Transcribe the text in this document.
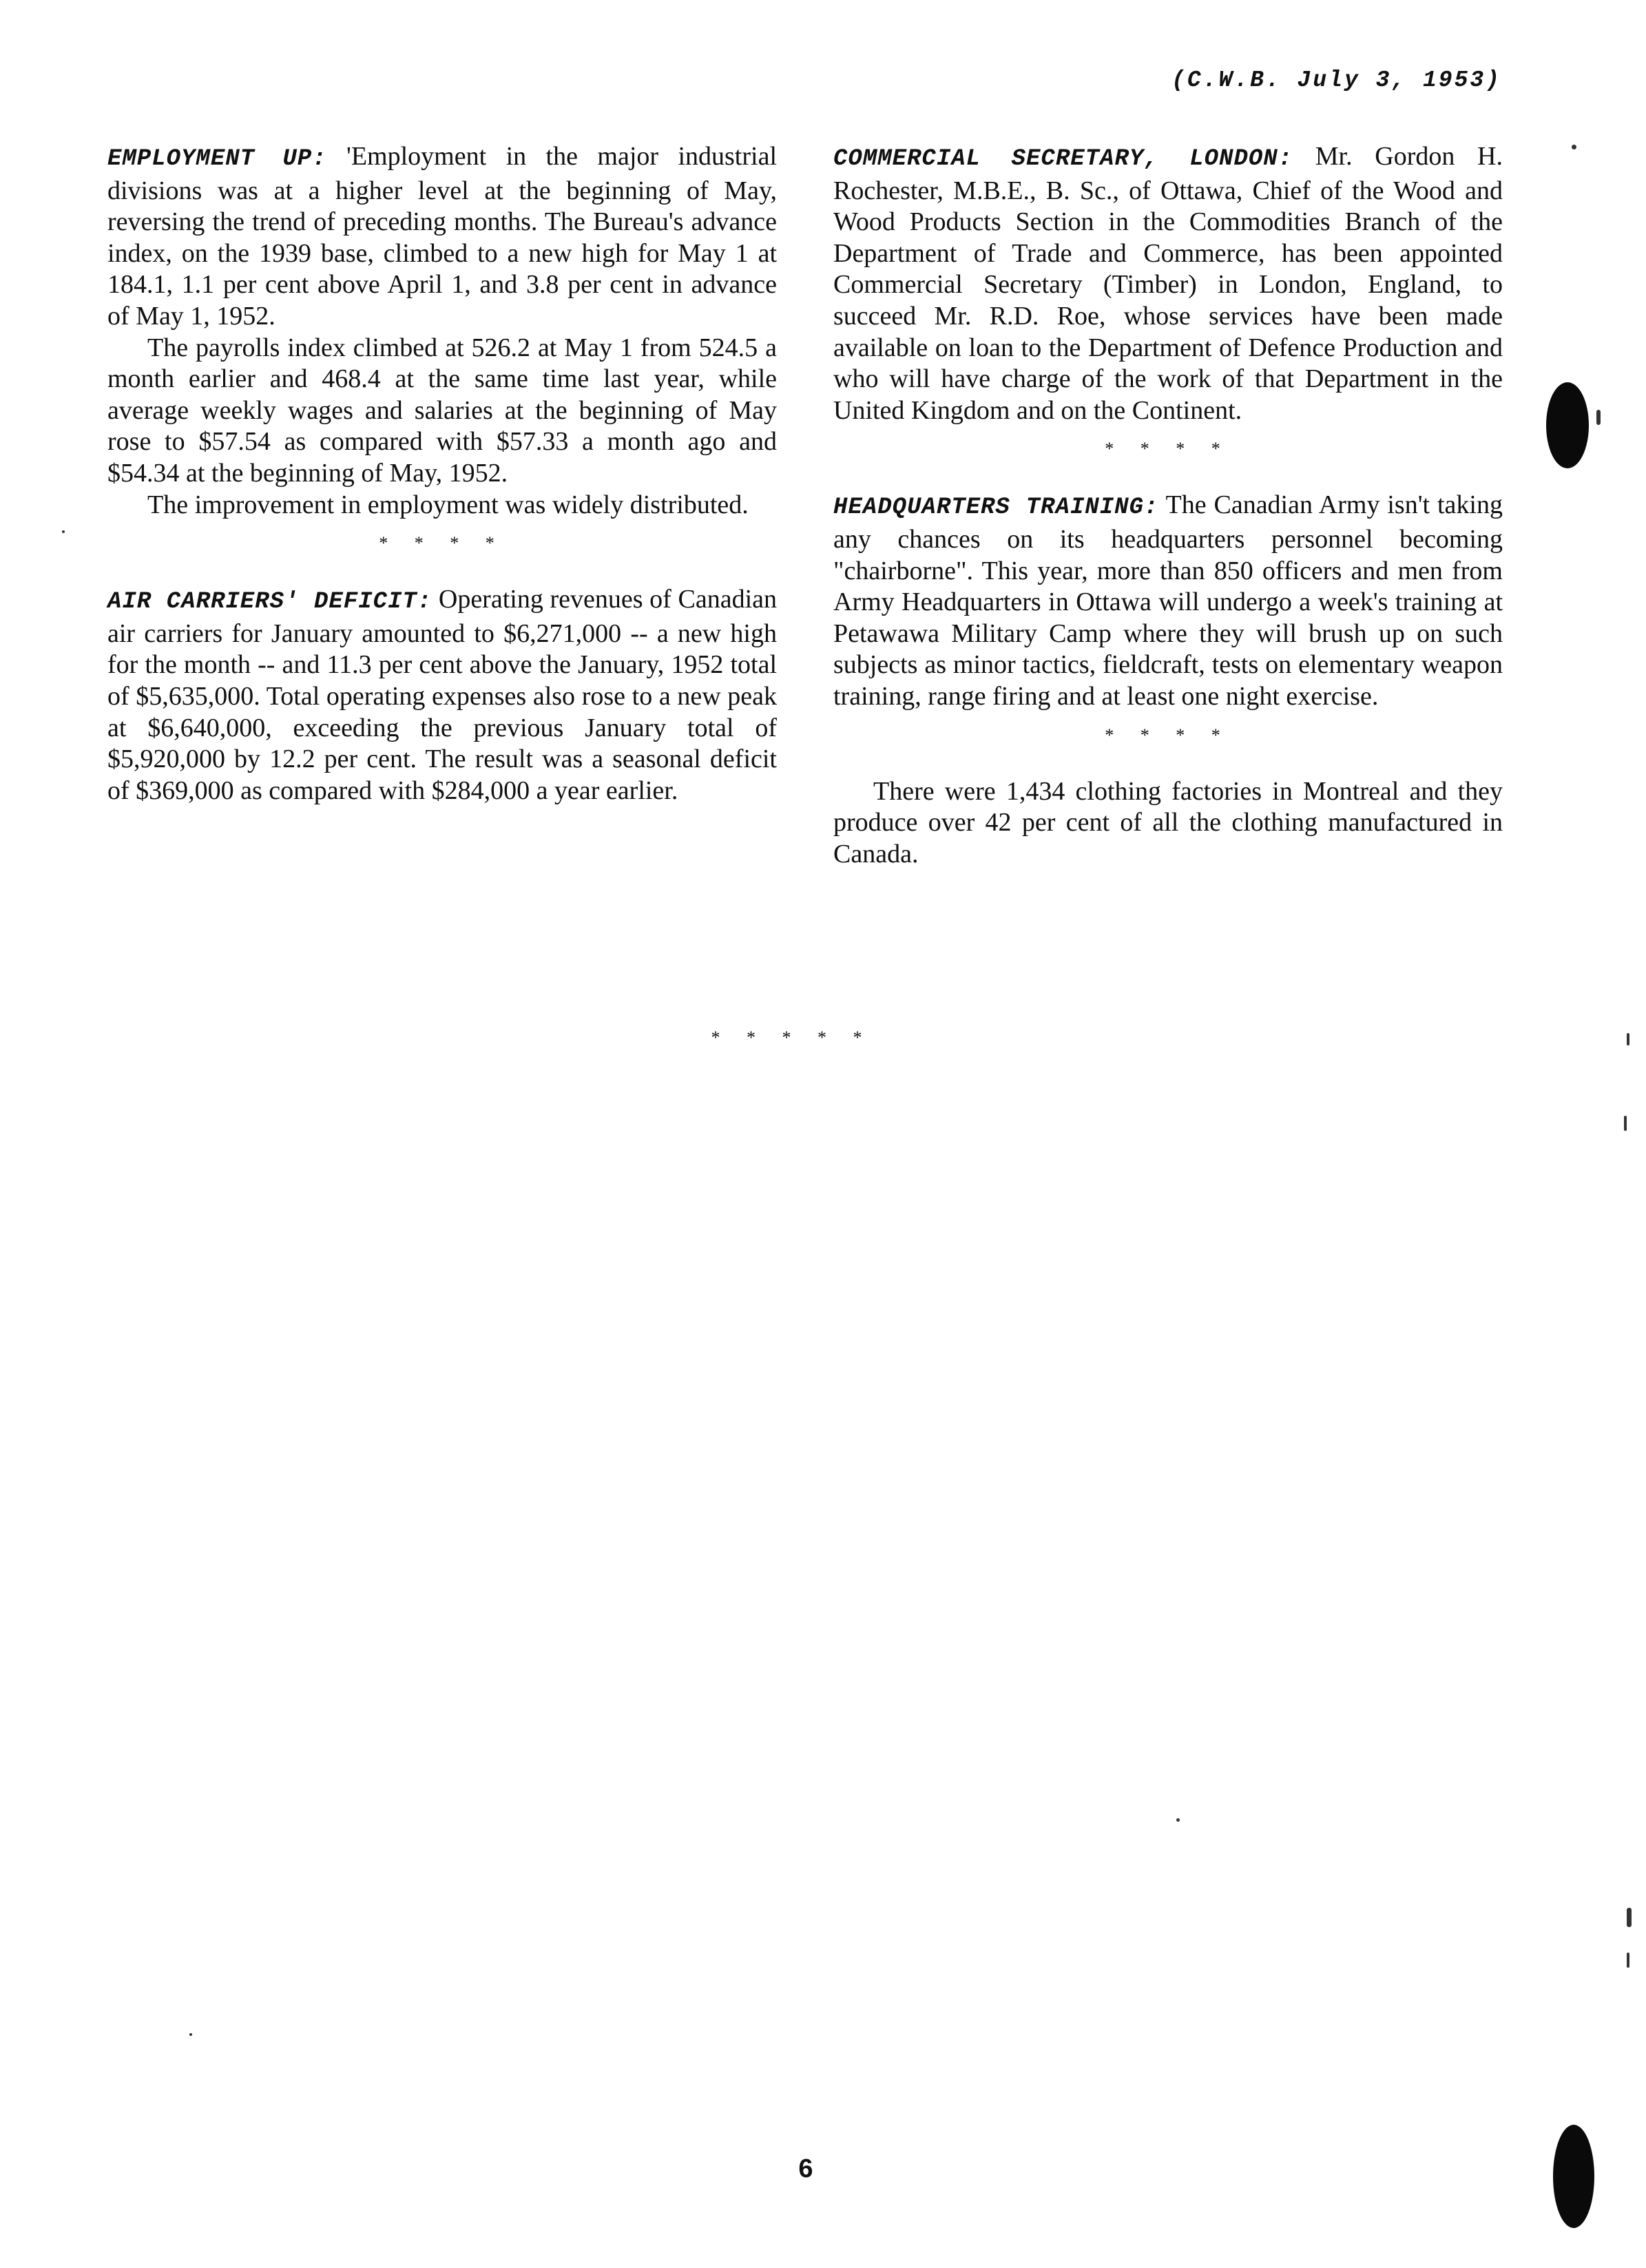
(C.W.B. July 3, 1953)

EMPLOYMENT UP: 'Employment in the major industrial divisions was at a higher level at the beginning of May, reversing the trend of preceding months. The Bureau's advance index, on the 1939 base, climbed to a new high for May 1 at 184.1, 1.1 per cent above April 1, and 3.8 per cent in advance of May 1, 1952.

The payrolls index climbed at 526.2 at May 1 from 524.5 a month earlier and 468.4 at the same time last year, while average weekly wages and salaries at the beginning of May rose to $57.54 as compared with $57.33 a month ago and $54.34 at the beginning of May, 1952.

The improvement in employment was widely distributed.

* * * *

AIR CARRIERS' DEFICIT: Operating revenues of Canadian air carriers for January amounted to $6,271,000 -- a new high for the month -- and 11.3 per cent above the January, 1952 total of $5,635,000. Total operating expenses also rose to a new peak at $6,640,000, exceeding the previous January total of $5,920,000 by 12.2 per cent. The result was a seasonal deficit of $369,000 as compared with $284,000 a year earlier.

COMMERCIAL SECRETARY, LONDON: Mr. Gordon H. Rochester, M.B.E., B. Sc., of Ottawa, Chief of the Wood and Wood Products Section in the Commodities Branch of the Department of Trade and Commerce, has been appointed Commercial Secretary (Timber) in London, England, to succeed Mr. R.D. Roe, whose services have been made available on loan to the Department of Defence Production and who will have charge of the work of that Department in the United Kingdom and on the Continent.

* * * *

HEADQUARTERS TRAINING: The Canadian Army isn't taking any chances on its headquarters personnel becoming "chairborne". This year, more than 850 officers and men from Army Headquarters in Ottawa will undergo a week's training at Petawawa Military Camp where they will brush up on such subjects as minor tactics, fieldcraft, tests on elementary weapon training, range firing and at least one night exercise.

* * * *

There were 1,434 clothing factories in Montreal and they produce over 42 per cent of all the clothing manufactured in Canada.

* * * * *
6
